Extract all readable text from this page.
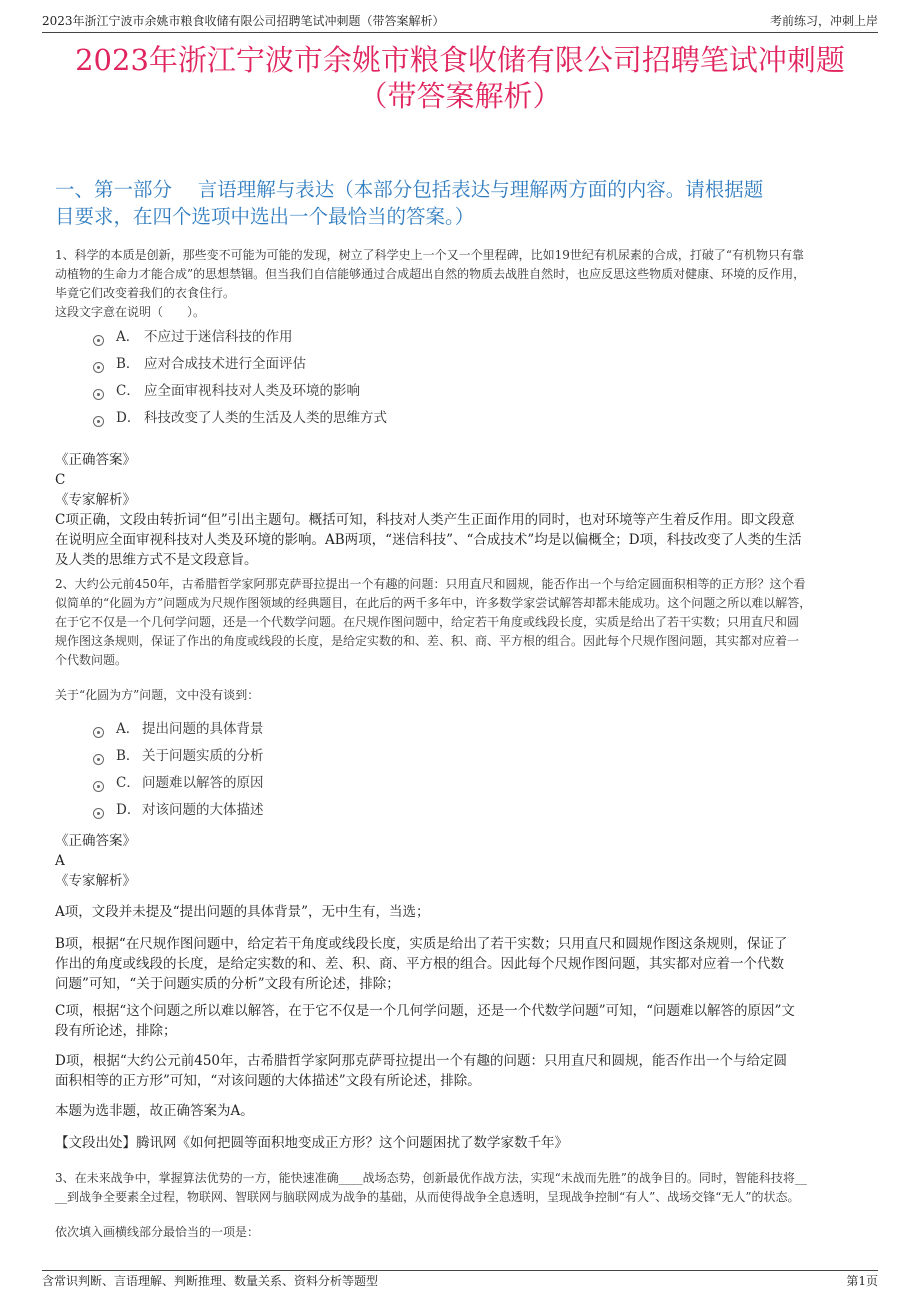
2023年浙江宁波市余姚市粮食收储有限公司招聘笔试冲刺题（带答案解析）	考前练习，冲刺上岸
2023年浙江宁波市余姚市粮食收储有限公司招聘笔试冲刺题
（带答案解析）
一、第一部分　 言语理解与表达（本部分包括表达与理解两方面的内容。请根据题
目要求，在四个选项中选出一个最恰当的答案。）
1、科学的本质是创新，那些变不可能为可能的发现，树立了科学史上一个又一个里程碑，比如19世纪有机尿素的合成，打破了“有机物只有靠
动植物的生命力才能合成”的思想禁锢。但当我们自信能够通过合成超出自然的物质去战胜自然时，也应反思这些物质对健康、环境的反作用，
毕竟它们改变着我们的衣食住行。
这段文字意在说明（　　）。
A． 不应过于迷信科技的作用
B． 应对合成技术进行全面评估
C． 应全面审视科技对人类及环境的影响
D． 科技改变了人类的生活及人类的思维方式
《正确答案》
C
《专家解析》
C项正确，文段由转折词“但”引出主题句。概括可知，科技对人类产生正面作用的同时，也对环境等产生着反作用。即文段意
在说明应全面审视科技对人类及环境的影响。AB两项，“迷信科技”、“合成技术”均是以偏概全；D项，科技改变了人类的生活
及人类的思维方式不是文段意旨。
2、大约公元前450年，古希腊哲学家阿那克萨哥拉提出一个有趣的问题：只用直尺和圆规，能否作出一个与给定圆面积相等的正方形？这个看
似简单的“化圆为方”问题成为尺规作图领域的经典题目，在此后的两千多年中，许多数学家尝试解答却都未能成功。这个问题之所以难以解答，
在于它不仅是一个几何学问题，还是一个代数学问题。在尺规作图问题中，给定若干角度或线段长度，实质是给出了若干实数；只用直尺和圆
规作图这条规则，保证了作出的角度或线段的长度，是给定实数的和、差、积、商、平方根的组合。因此每个尺规作图问题，其实都对应着一
个代数问题。
关于“化圆为方”问题，文中没有谈到：
A． 提出问题的具体背景
B． 关于问题实质的分析
C． 问题难以解答的原因
D． 对该问题的大体描述
《正确答案》
A
《专家解析》
A项，文段并未提及“提出问题的具体背景”，无中生有，当选；
B项，根据“在尺规作图问题中，给定若干角度或线段长度，实质是给出了若干实数；只用直尺和圆规作图这条规则，保证了
作出的角度或线段的长度，是给定实数的和、差、积、商、平方根的组合。因此每个尺规作图问题，其实都对应着一个代数
问题”可知，“关于问题实质的分析”文段有所论述，排除；
C项，根据“这个问题之所以难以解答，在于它不仅是一个几何学问题，还是一个代数学问题”可知，“问题难以解答的原因”文
段有所论述，排除；
D项，根据“大约公元前450年，古希腊哲学家阿那克萨哥拉提出一个有趣的问题：只用直尺和圆规，能否作出一个与给定圆
面积相等的正方形”可知，“对该问题的大体描述”文段有所论述，排除。
本题为选非题，故正确答案为A。
【文段出处】腾讯网《如何把圆等面积地变成正方形？这个问题困扰了数学家数千年》
3、在未来战争中，掌握算法优势的一方，能快速准确____战场态势，创新最优作战方法，实现“未战而先胜”的战争目的。同时，智能科技将__
__到战争全要素全过程，物联网、智联网与脑联网成为战争的基础，从而使得战争全息透明，呈现战争控制“有人”、战场交锋“无人”的状态。
依次填入画横线部分最恰当的一项是：
含常识判断、言语理解、判断推理、数量关系、资料分析等题型	第1页
